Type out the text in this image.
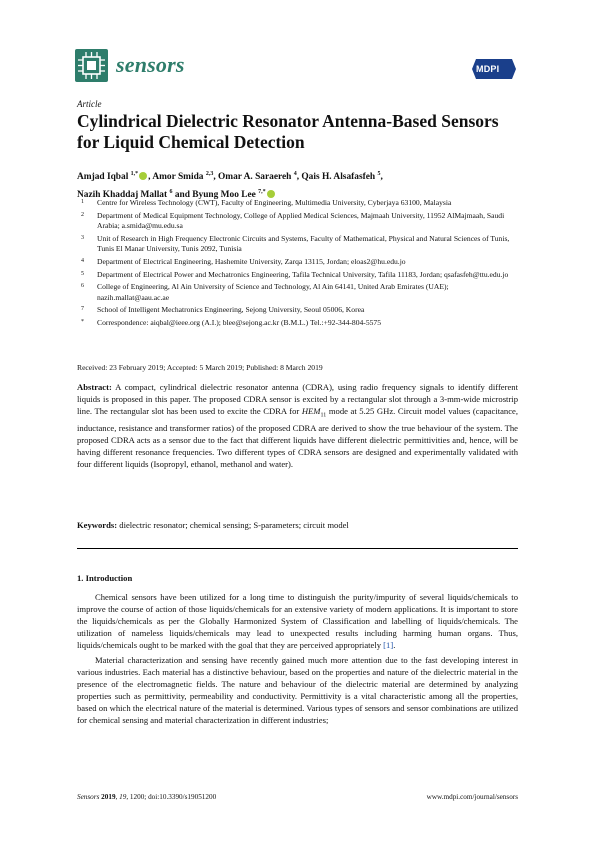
sensors	MDPI
Article
Cylindrical Dielectric Resonator Antenna-Based Sensors for Liquid Chemical Detection
Amjad Iqbal $^{1,*}$ , Amor Smida $^{2,3}$, Omar A. Saraereh $^4$, Qais H. Alsafasfeh $^5$,
Nazih Khaddaj Mallat $^6$ and Byung Moo Lee $^{7,*}$
1	Centre for Wireless Technology (CWT), Faculty of Engineering, Multimedia University, Cyberjaya 63100, Malaysia
2	Department of Medical Equipment Technology, College of Applied Medical Sciences, Majmaah University, 11952 AlMajmaah, Saudi Arabia; a.smida@mu.edu.sa
3	Unit of Research in High Frequency Electronic Circuits and Systems, Faculty of Mathematical, Physical and Natural Sciences of Tunis, Tunis El Manar University, Tunis 2092, Tunisia
4	Department of Electrical Engineering, Hashemite University, Zarqa 13115, Jordan; eloas2@hu.edu.jo
5	Department of Electrical Power and Mechatronics Engineering, Tafila Technical University, Tafila 11183, Jordan; qsafasfeh@ttu.edu.jo
6	College of Engineering, Al Ain University of Science and Technology, Al Ain 64141, United Arab Emirates (UAE); nazih.mallat@aau.ac.ae
7	School of Intelligent Mechatronics Engineering, Sejong University, Seoul 05006, Korea
*	Correspondence: aiqbal@ieee.org (A.I.); blee@sejong.ac.kr (B.M.L.) Tel.:+92-344-804-5575
Received: 23 February 2019; Accepted: 5 March 2019; Published: 8 March 2019
Abstract: A compact, cylindrical dielectric resonator antenna (CDRA), using radio frequency signals to identify different liquids is proposed in this paper. The proposed CDRA sensor is excited by a rectangular slot through a 3-mm-wide microstrip line. The rectangular slot has been used to excite the CDRA for $HEM_{11}$ mode at 5.25 GHz. Circuit model values (capacitance, inductance, resistance and transformer ratios) of the proposed CDRA are derived to show the true behaviour of the system. The proposed CDRA acts as a sensor due to the fact that different liquids have different dielectric permittivities and, hence, will be having different resonance frequencies. Two different types of CDRA sensors are designed and experimentally validated with four different liquids (Isopropyl, ethanol, methanol and water).
Keywords: dielectric resonator; chemical sensing; S-parameters; circuit model
1. Introduction

Chemical sensors have been utilized for a long time to distinguish the purity/impurity of several liquids/chemicals to improve the course of action of those liquids/chemicals for an extensive variety of modern applications. It is important to store the liquids/chemicals as per the Globally Harmonized System of Classification and labelling of liquids/chemicals. The utilization of nameless liquids/chemicals may lead to unexpected results including harming human organs. Thus, liquids/chemicals ought to be marked with the goal that they are perceived appropriately [1].

Material characterization and sensing have recently gained much more attention due to the fast developing interest in various industries. Each material has a distinctive behaviour, based on the properties and nature of the dielectric material in the presence of the electromagnetic fields. The nature and behaviour of the dielectric material are determined by analyzing properties such as permittivity, permeability and conductivity. Permittivity is a vital characteristic among all the properties, based on which the electrical nature of the material is determined. Various types of sensors and sensor combinations are utilized for chemical sensing and material characterization in different industries;

Sensors 2019, 19, 1200; doi:10.3390/s19051200	www.mdpi.com/journal/sensors
